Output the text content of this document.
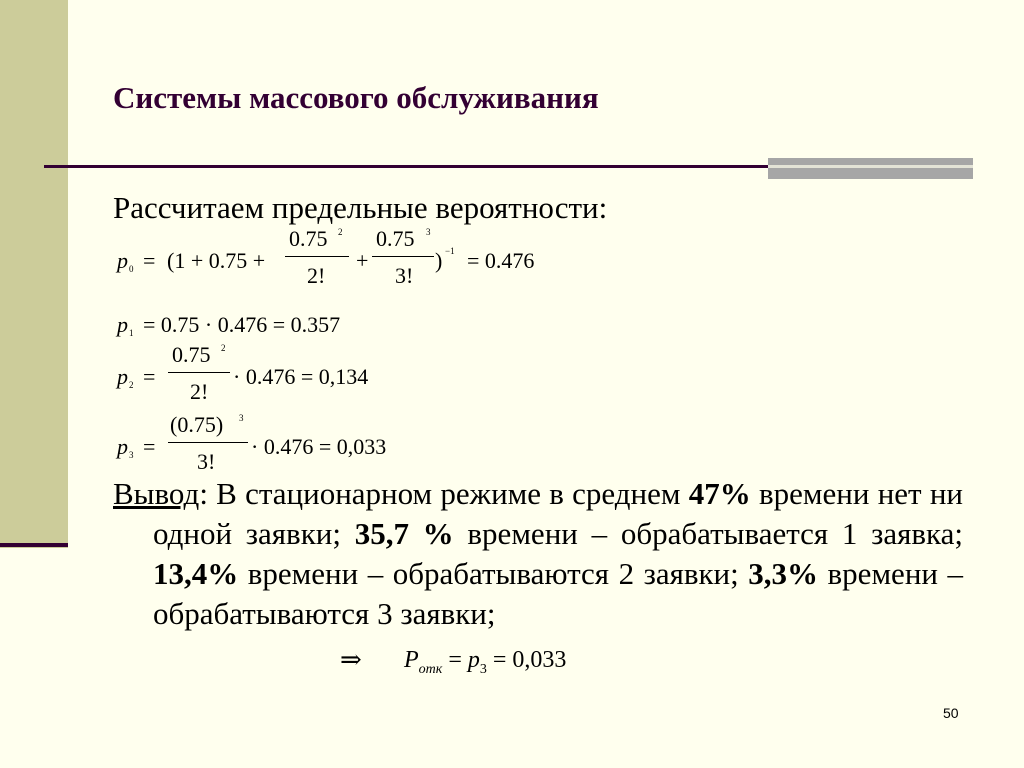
Системы массового обслуживания
Рассчитаем предельные вероятности:
p 0 = (1 + 0.75 +
0.75 2
2!
+
0.75 3
3!
) −1 = 0.476
p 1 = 0.75 · 0.476 = 0.357
p 2 =
0.75 2
2!
· 0.476 = 0,134
p 3 =
(0.75) 3
3!
· 0.476 = 0,033
Вывод: В стационарном режиме в среднем 47% времени нет ни одной заявки; 35,7 % времени – обрабатывается 1 заявка; 13,4% времени – обрабатываются 2 заявки; 3,3% времени – обрабатываются 3 заявки;
⇒ $P_{отк} = p_3 = 0,033$
50
